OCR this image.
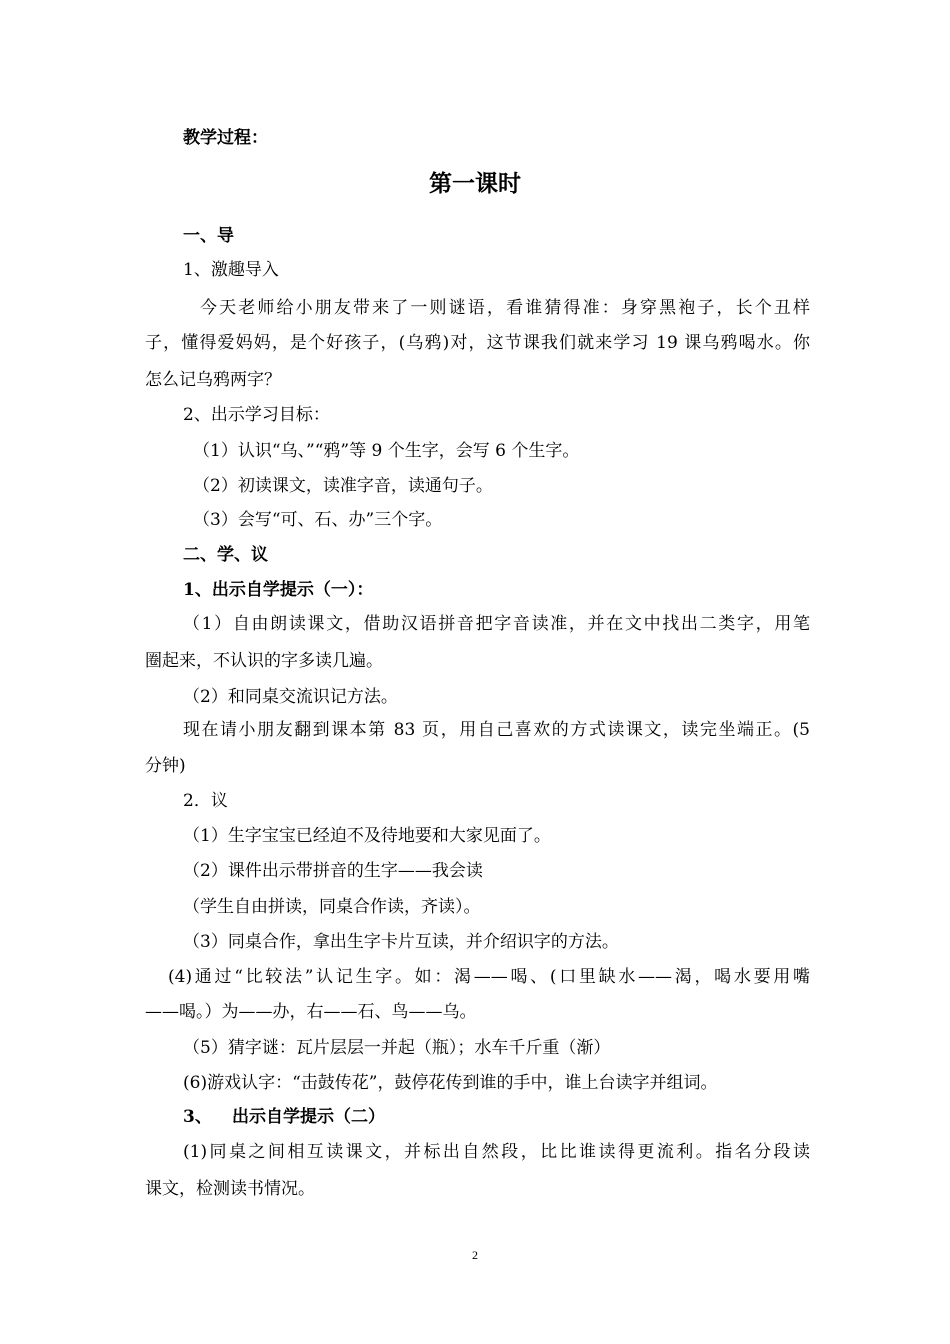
教学过程：
第一课时
一、导
1、激趣导入
今天老师给小朋友带来了一则谜语，看谁猜得准：身穿黑袍子，长个丑样
子，懂得爱妈妈，是个好孩子，(乌鸦)对，这节课我们就来学习 19 课乌鸦喝水。你
怎么记乌鸦两字？
2、出示学习目标：
（1）认识“乌、”“鸦”等 9 个生字，会写 6 个生字。
（2）初读课文，读准字音，读通句子。
（3）会写“可、石、办”三个字。
二、学、议
1、出示自学提示（一）：
（1）自由朗读课文，借助汉语拼音把字音读准，并在文中找出二类字，用笔
圈起来，不认识的字多读几遍。
（2）和同桌交流识记方法。
现在请小朋友翻到课本第 83 页，用自己喜欢的方式读课文，读完坐端正。(5
分钟)
2．议
（1）生字宝宝已经迫不及待地要和大家见面了。
（2）课件出示带拼音的生字——我会读
（学生自由拼读，同桌合作读，齐读）。
（3）同桌合作，拿出生字卡片互读，并介绍识字的方法。
(4)通过“比较法”认记生字。如：渴——喝、(口里缺水——渴，喝水要用嘴
——喝。）为——办，右——石、鸟——乌。
（5）猜字谜：瓦片层层一并起（瓶）；水车千斤重（渐）
(6)游戏认字：“击鼓传花”，鼓停花传到谁的手中，谁上台读字并组词。
3、	出示自学提示（二）
(1)同桌之间相互读课文，并标出自然段，比比谁读得更流利。指名分段读
课文，检测读书情况。
2
